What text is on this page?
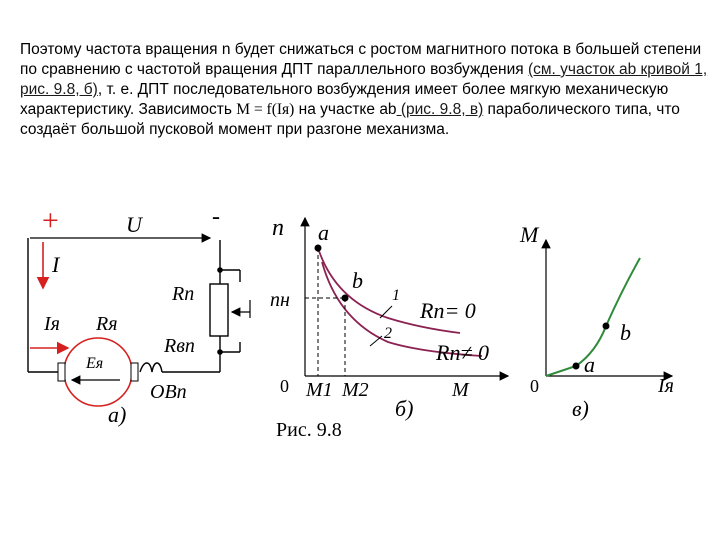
Поэтому частота вращения n будет снижаться с ростом магнитного потока в большей степени по сравнению с частотой вращения ДПТ параллельного возбуждения (см. участок ab кривой 1, рис. 9.8, б), т. е. ДПТ последовательного возбуждения имеет более мягкую механическую характеристику. Зависимость M = f(Iя) на участке ab (рис. 9.8, в) параболического типа, что создаёт большой пусковой момент при разгоне механизма.
+	-
U
I
Iя Rя
Rп
Rвп
Eя
OBп
а)
n a
b
nн
0 M1 M2	M
1
2
Rп= 0
Rп≠ 0
б)
Рис. 9.8
M
Iя
0
a
b
в)
